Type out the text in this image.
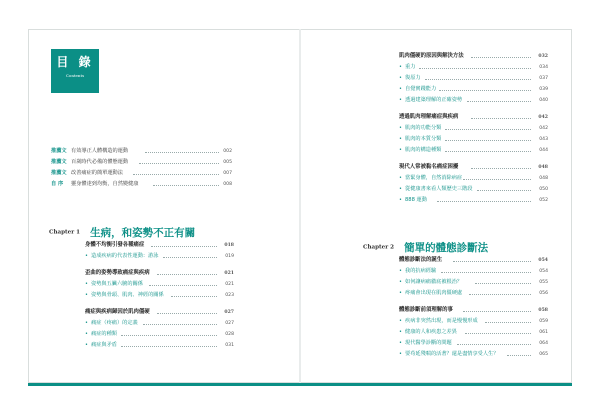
目 錄
Contents
推薦文 有效導正人體構造的運動	002
推薦文 百歲時代必備的體態運動	005
推薦文 改善痛症的簡單運動法	007
自 序 靈身體達到均衡，自然變健康	008
Chapter 1 生病，和姿勢不正有關
身體不均衡引發各種痛症	018
• 造成疾病的代表性運動：游泳	019
歪曲的姿勢導致痛症與疾病	021
• 姿勢與五臟六腑的關係	021
• 姿勢與骨頭、肌肉、神經的關係	023
痛症與疾病歸因於肌肉僵硬	027
• 痛症（疼痛）的定義	027
• 痛症的種類	028
• 痛症與矛盾	031
肌肉僵硬的原因與解決方法	032
• 重力	034
• 復原力	037
• 自覺實踐能力	039
• 透過建築理解的正確姿勢	040
透過肌肉理解痛症與疾病	042
• 肌肉的功能分類	042
• 肌肉的本質分類	043
• 肌肉的構造種類	044
現代人常被黏名痛症困擾	048
• 當緊身體，自然消除病症	048
• 從健康書來看人類歷史三階段	050
• 888 運動	052
Chapter 2 簡單的體態診斷法
體態診斷法的誕生	054
• 我的抗病經驗	054
• 如何讓病痛徹底被根治？	055
• 疼痛會出現在肌肉僵硬處	056
體態診斷前須理解的事	058
• 疾病非突然出現，而是慢慢形成	059
• 健康的人和疾患之差異	061
• 現代醫學診斷的問題	064
• 要苟延殘喘的活著？還是盡情享受人生？	065
